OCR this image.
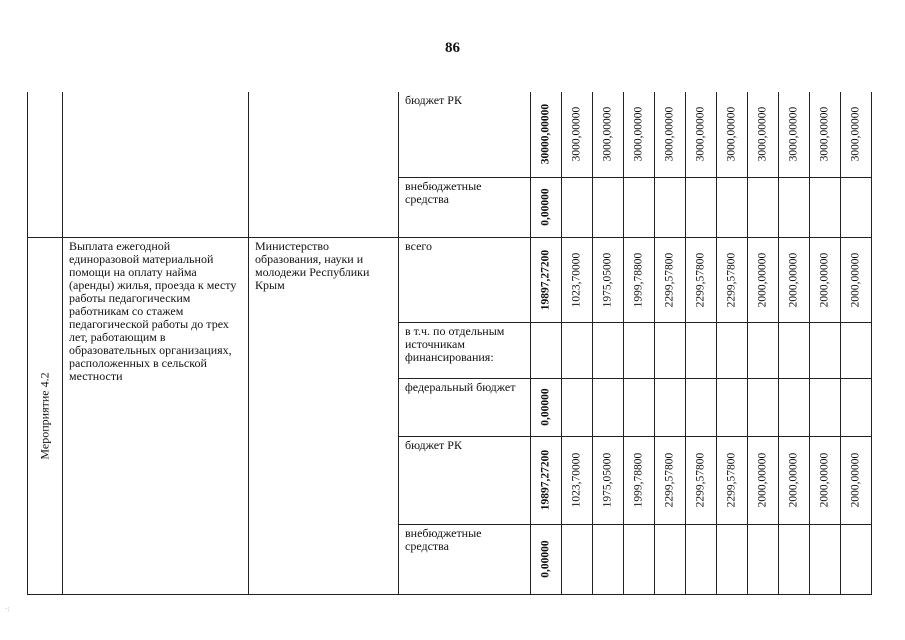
86
			бюджет РК	30000,00000	3000,00000	3000,00000	3000,00000	3000,00000	3000,00000	3000,00000	3000,00000	3000,00000	3000,00000	3000,00000

			внебюджетные средства	0,00000										

Мероприятие 4.2	Выплата ежегодной единоразовой материальной помощи на оплату найма (аренды) жилья, проезда к месту работы педагогическим работникам со стажем педагогической работы до трех лет, работающим в образовательных организациях, расположенных в сельской местности	Министерство образования, науки и молодежи Республики Крым	всего	19897,27200	1023,70000	1975,05000	1999,78800	2299,57800	2299,57800	2299,57800	2000,00000	2000,00000	2000,00000	2000,00000

			в т.ч. по отдельным источникам финансирования:	

			федеральный бюджет	0,00000										

			бюджет РК	19897,27200	1023,70000	1975,05000	1999,78800	2299,57800	2299,57800	2299,57800	2000,00000	2000,00000	2000,00000	2000,00000

			внебюджетные средства	0,00000										

·:
